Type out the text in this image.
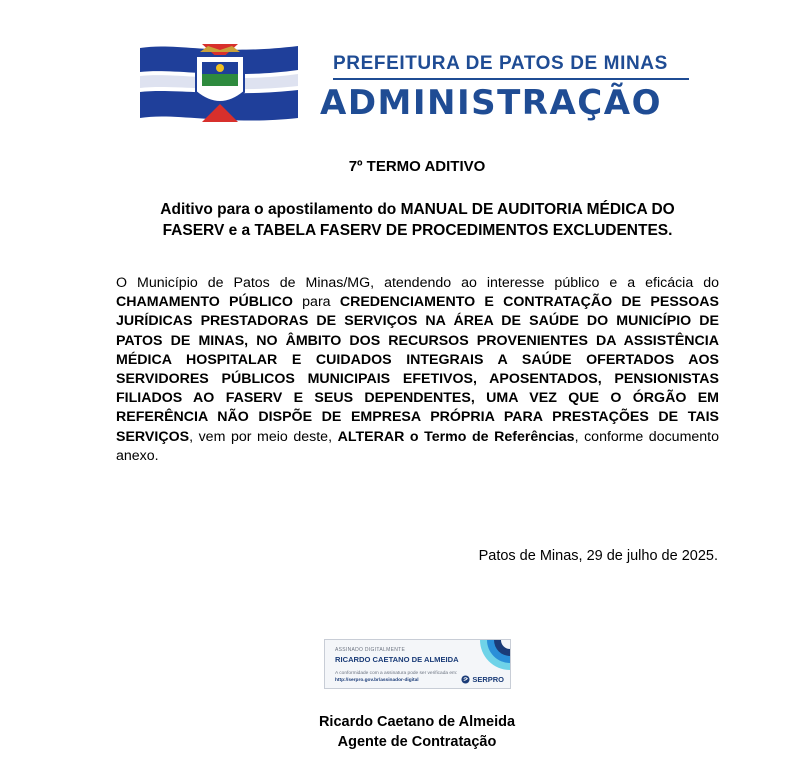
PREFEITURA DE PATOS DE MINAS
ADMINISTRAÇÃO
7º TERMO ADITIVO
Aditivo para o apostilamento do MANUAL DE AUDITORIA MÉDICA DO
FASERV e a TABELA FASERV DE PROCEDIMENTOS EXCLUDENTES.
O Município de Patos de Minas/MG, atendendo ao interesse público e a eficácia do CHAMAMENTO PÚBLICO para CREDENCIAMENTO E CONTRATAÇÃO DE PESSOAS JURÍDICAS PRESTADORAS DE SERVIÇOS NA ÁREA DE SAÚDE DO MUNICÍPIO DE PATOS DE MINAS, NO ÂMBITO DOS RECURSOS PROVENIENTES DA ASSISTÊNCIA MÉDICA HOSPITALAR E CUIDADOS INTEGRAIS A SAÚDE OFERTADOS AOS SERVIDORES PÚBLICOS MUNICIPAIS EFETIVOS, APOSENTADOS, PENSIONISTAS FILIADOS AO FASERV E SEUS DEPENDENTES, UMA VEZ QUE O ÓRGÃO EM REFERÊNCIA NÃO DISPÕE DE EMPRESA PRÓPRIA PARA PRESTAÇÕES DE TAIS SERVIÇOS, vem por meio deste, ALTERAR o Termo de Referências, conforme documento anexo.
Patos de Minas, 29 de julho de 2025.
ASSINADO DIGITALMENTE
RICARDO CAETANO DE ALMEIDA
A conformidade com a assinatura pode ser verificada em:
http://serpro.gov.br/assinador-digital	SERPRO
Ricardo Caetano de Almeida
Agente de Contratação
